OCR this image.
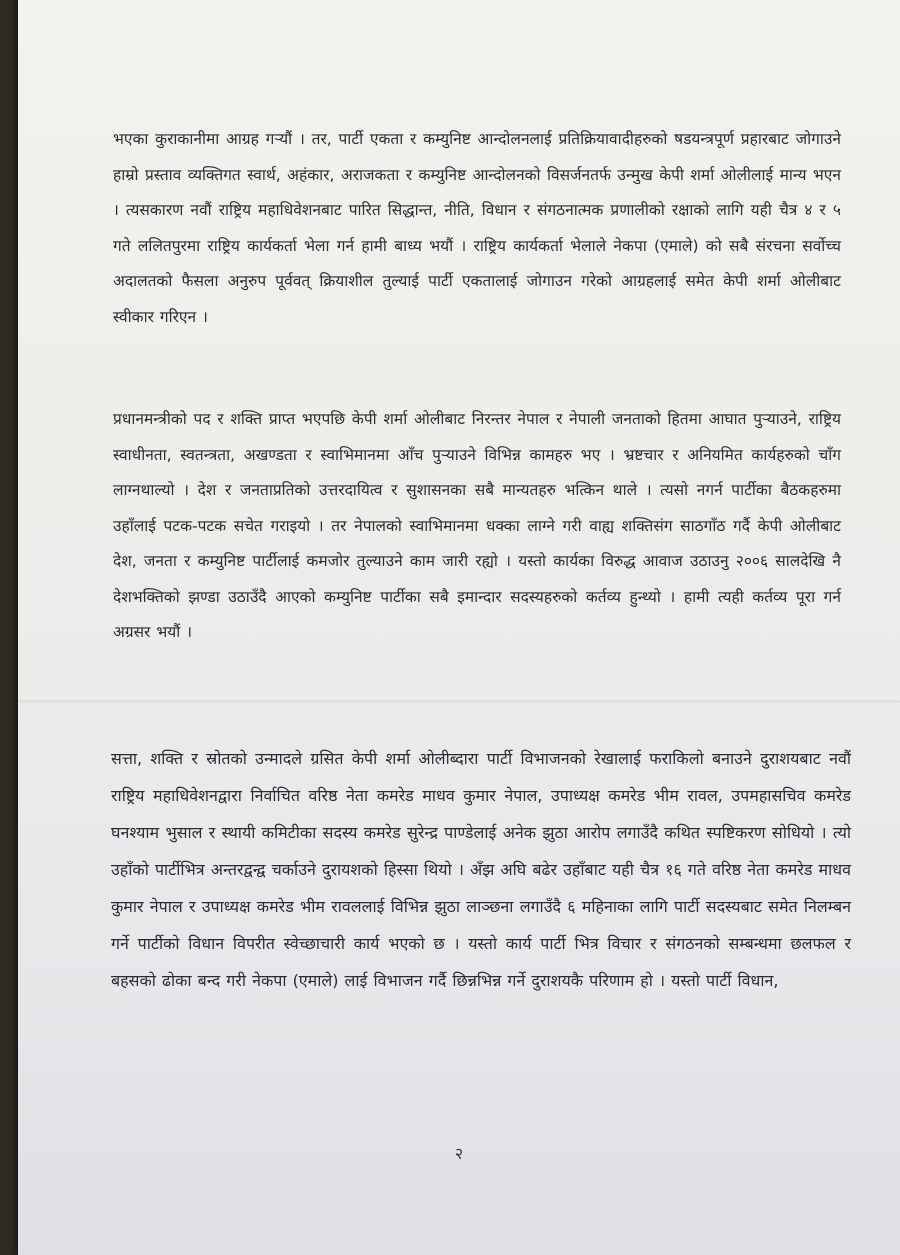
भएका कुराकानीमा आग्रह गऱ्यौं । तर, पार्टी एकता र कम्युनिष्ट आन्दोलनलाई प्रतिक्रियावादीहरुको षडयन्त्रपूर्ण प्रहारबाट जोगाउने हाम्रो प्रस्ताव व्यक्तिगत स्वार्थ, अहंकार, अराजकता र कम्युनिष्ट आन्दोलनको विसर्जनतर्फ उन्मुख केपी शर्मा ओलीलाई मान्य भएन । त्यसकारण नवौं राष्ट्रिय महाधिवेशनबाट पारित सिद्धान्त, नीति, विधान र संगठनात्मक प्रणालीको रक्षाको लागि यही चैत्र ४ र ५ गते ललितपुरमा राष्ट्रिय कार्यकर्ता भेला गर्न हामी बाध्य भयौं । राष्ट्रिय कार्यकर्ता भेलाले नेकपा (एमाले) को सबै संरचना सर्वोच्च अदालतको फैसला अनुरुप पूर्ववत् क्रियाशील तुल्याई पार्टी एकतालाई जोगाउन गरेको आग्रहलाई समेत केपी शर्मा ओलीबाट स्वीकार गरिएन ।

प्रधानमन्त्रीको पद र शक्ति प्राप्त भएपछि केपी शर्मा ओलीबाट निरन्तर नेपाल र नेपाली जनताको हितमा आघात पुऱ्याउने, राष्ट्रिय स्वाधीनता, स्वतन्त्रता, अखण्डता र स्वाभिमानमा आँच पुऱ्याउने विभिन्न कामहरु भए । भ्रष्टचार र अनियमित कार्यहरुको चाँग लाग्नथाल्यो । देश र जनताप्रतिको उत्तरदायित्व र सुशासनका सबै मान्यतहरु भत्किन थाले । त्यसो नगर्न पार्टीका बैठकहरुमा उहाँलाई पटक-पटक सचेत गराइयो । तर नेपालको स्वाभिमानमा धक्का लाग्ने गरी वाह्य शक्तिसंग साठगाँठ गर्दै केपी ओलीबाट देश, जनता र कम्युनिष्ट पार्टीलाई कमजोर तुल्याउने काम जारी रह्यो । यस्तो कार्यका विरुद्ध आवाज उठाउनु २००६ सालदेखि नै देशभक्तिको झण्डा उठाउँदै आएको कम्युनिष्ट पार्टीका सबै इमान्दार सदस्यहरुको कर्तव्य हुन्थ्यो । हामी त्यही कर्तव्य पूरा गर्न अग्रसर भयौं ।

सत्ता, शक्ति र स्रोतको उन्मादले ग्रसित केपी शर्मा ओलीब्दारा पार्टी विभाजनको रेखालाई फराकिलो बनाउने दुराशयबाट नवौं राष्ट्रिय महाधिवेशनद्वारा निर्वाचित वरिष्ठ नेता कमरेड माधव कुमार नेपाल, उपाध्यक्ष कमरेड भीम रावल, उपमहासचिव कमरेड घनश्याम भुसाल र स्थायी कमिटीका सदस्य कमरेड सुरेन्द्र पाण्डेलाई अनेक झुठा आरोप लगाउँदै कथित स्पष्टिकरण सोधियो । त्यो उहाँको पार्टीभित्र अन्तरद्वन्द्व चर्काउने दुरायशको हिस्सा थियो । अँझ अघि बढेर उहाँबाट यही चैत्र १६ गते वरिष्ठ नेता कमरेड माधव कुमार नेपाल र उपाध्यक्ष कमरेड भीम रावललाई विभिन्न झुठा लाञ्छना लगाउँदै ६ महिनाका लागि पार्टी सदस्यबाट समेत निलम्बन गर्ने पार्टीको विधान विपरीत स्वेच्छाचारी कार्य भएको छ । यस्तो कार्य पार्टी भित्र विचार र संगठनको सम्बन्धमा छलफल र बहसको ढोका बन्द गरी नेकपा (एमाले) लाई विभाजन गर्दै छिन्नभिन्न गर्ने दुराशयकै परिणाम हो । यस्तो पार्टी विधान,

२
